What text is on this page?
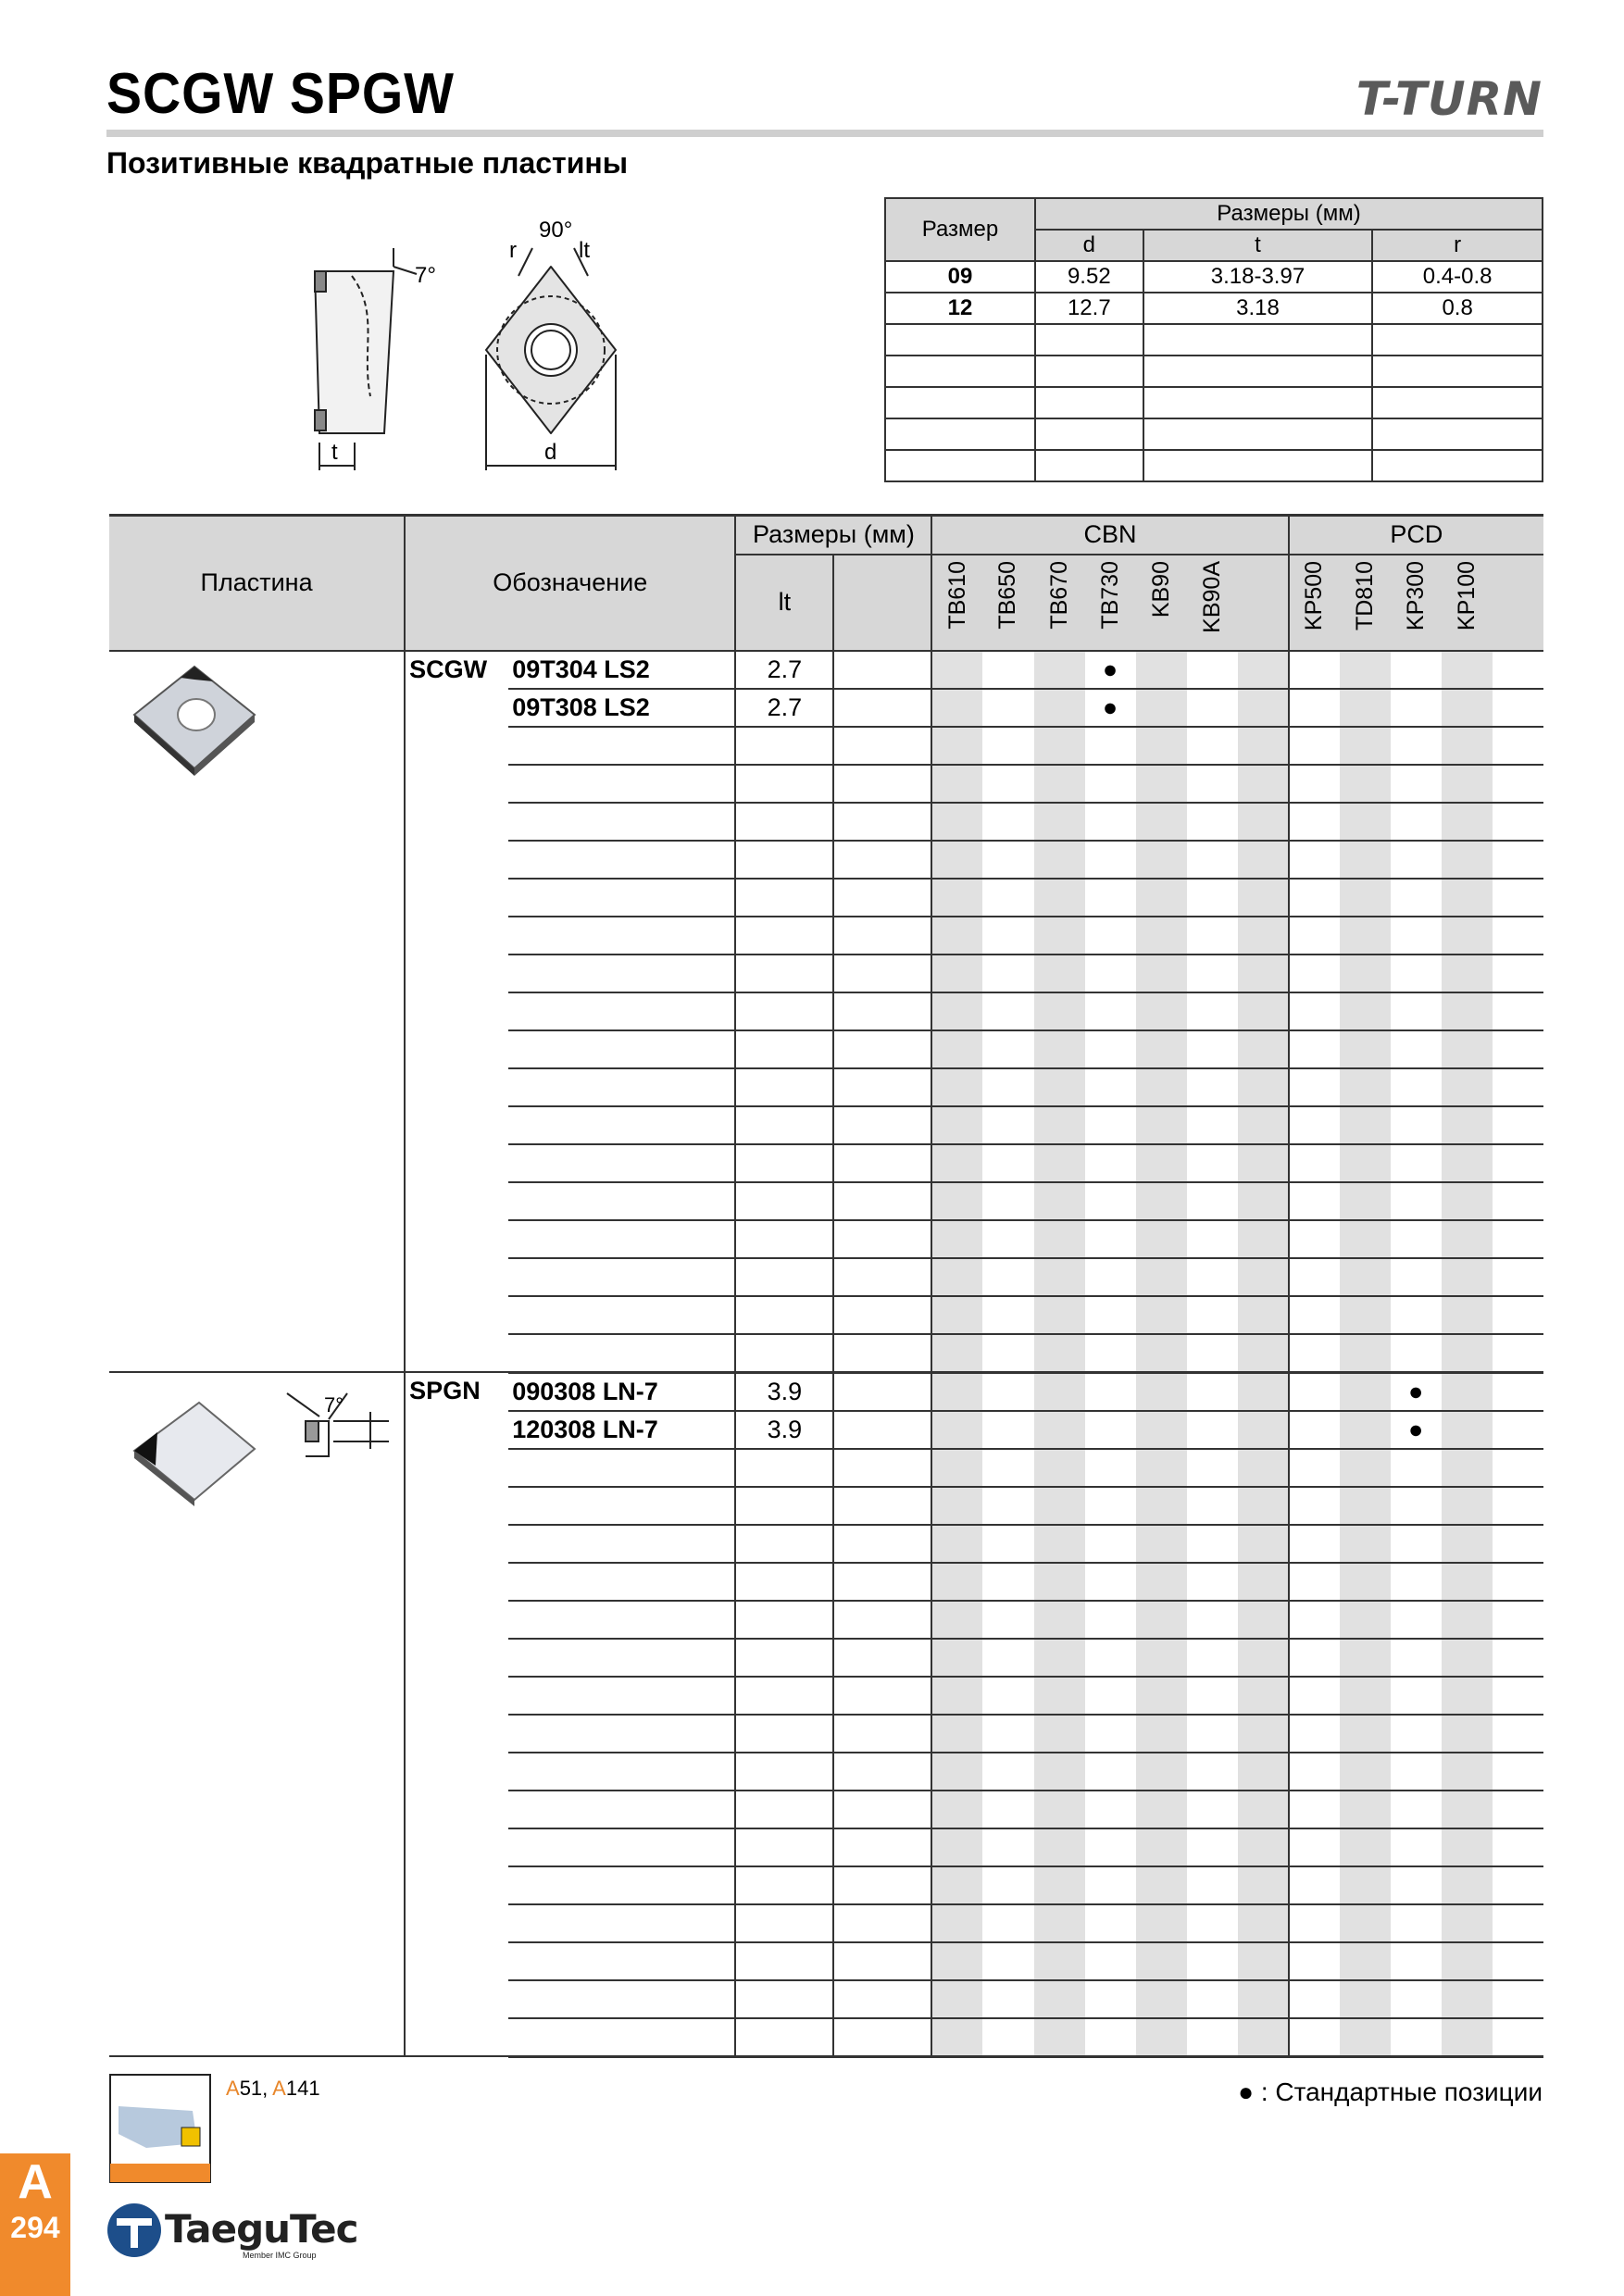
SCGW SPGW	T-TURN
Позитивные квадратные пластины
7°
90°
r	lt
t	d
Размер	Размеры (мм)		
	d	t	r
09	9.52	3.18-3.97	0.4-0.8
12	12.7	3.18	0.8

Пластина	Обозначение		Размеры (мм)		CBN							PCD				
			lt		TB610	TB650	TB670	TB730	KB90	KB90A		KP500	TD810	KP300	KP100	

	SCGW	09T304 LS2	2.7					●								
		09T308 LS2	2.7					●								

	SPGN	090308 LN-7	3.9											●		
		120308 LN-7	3.9											●		

7°
A51, A141	● : Стандартные позиции
A
294	TaeguTec
Member IMC Group
